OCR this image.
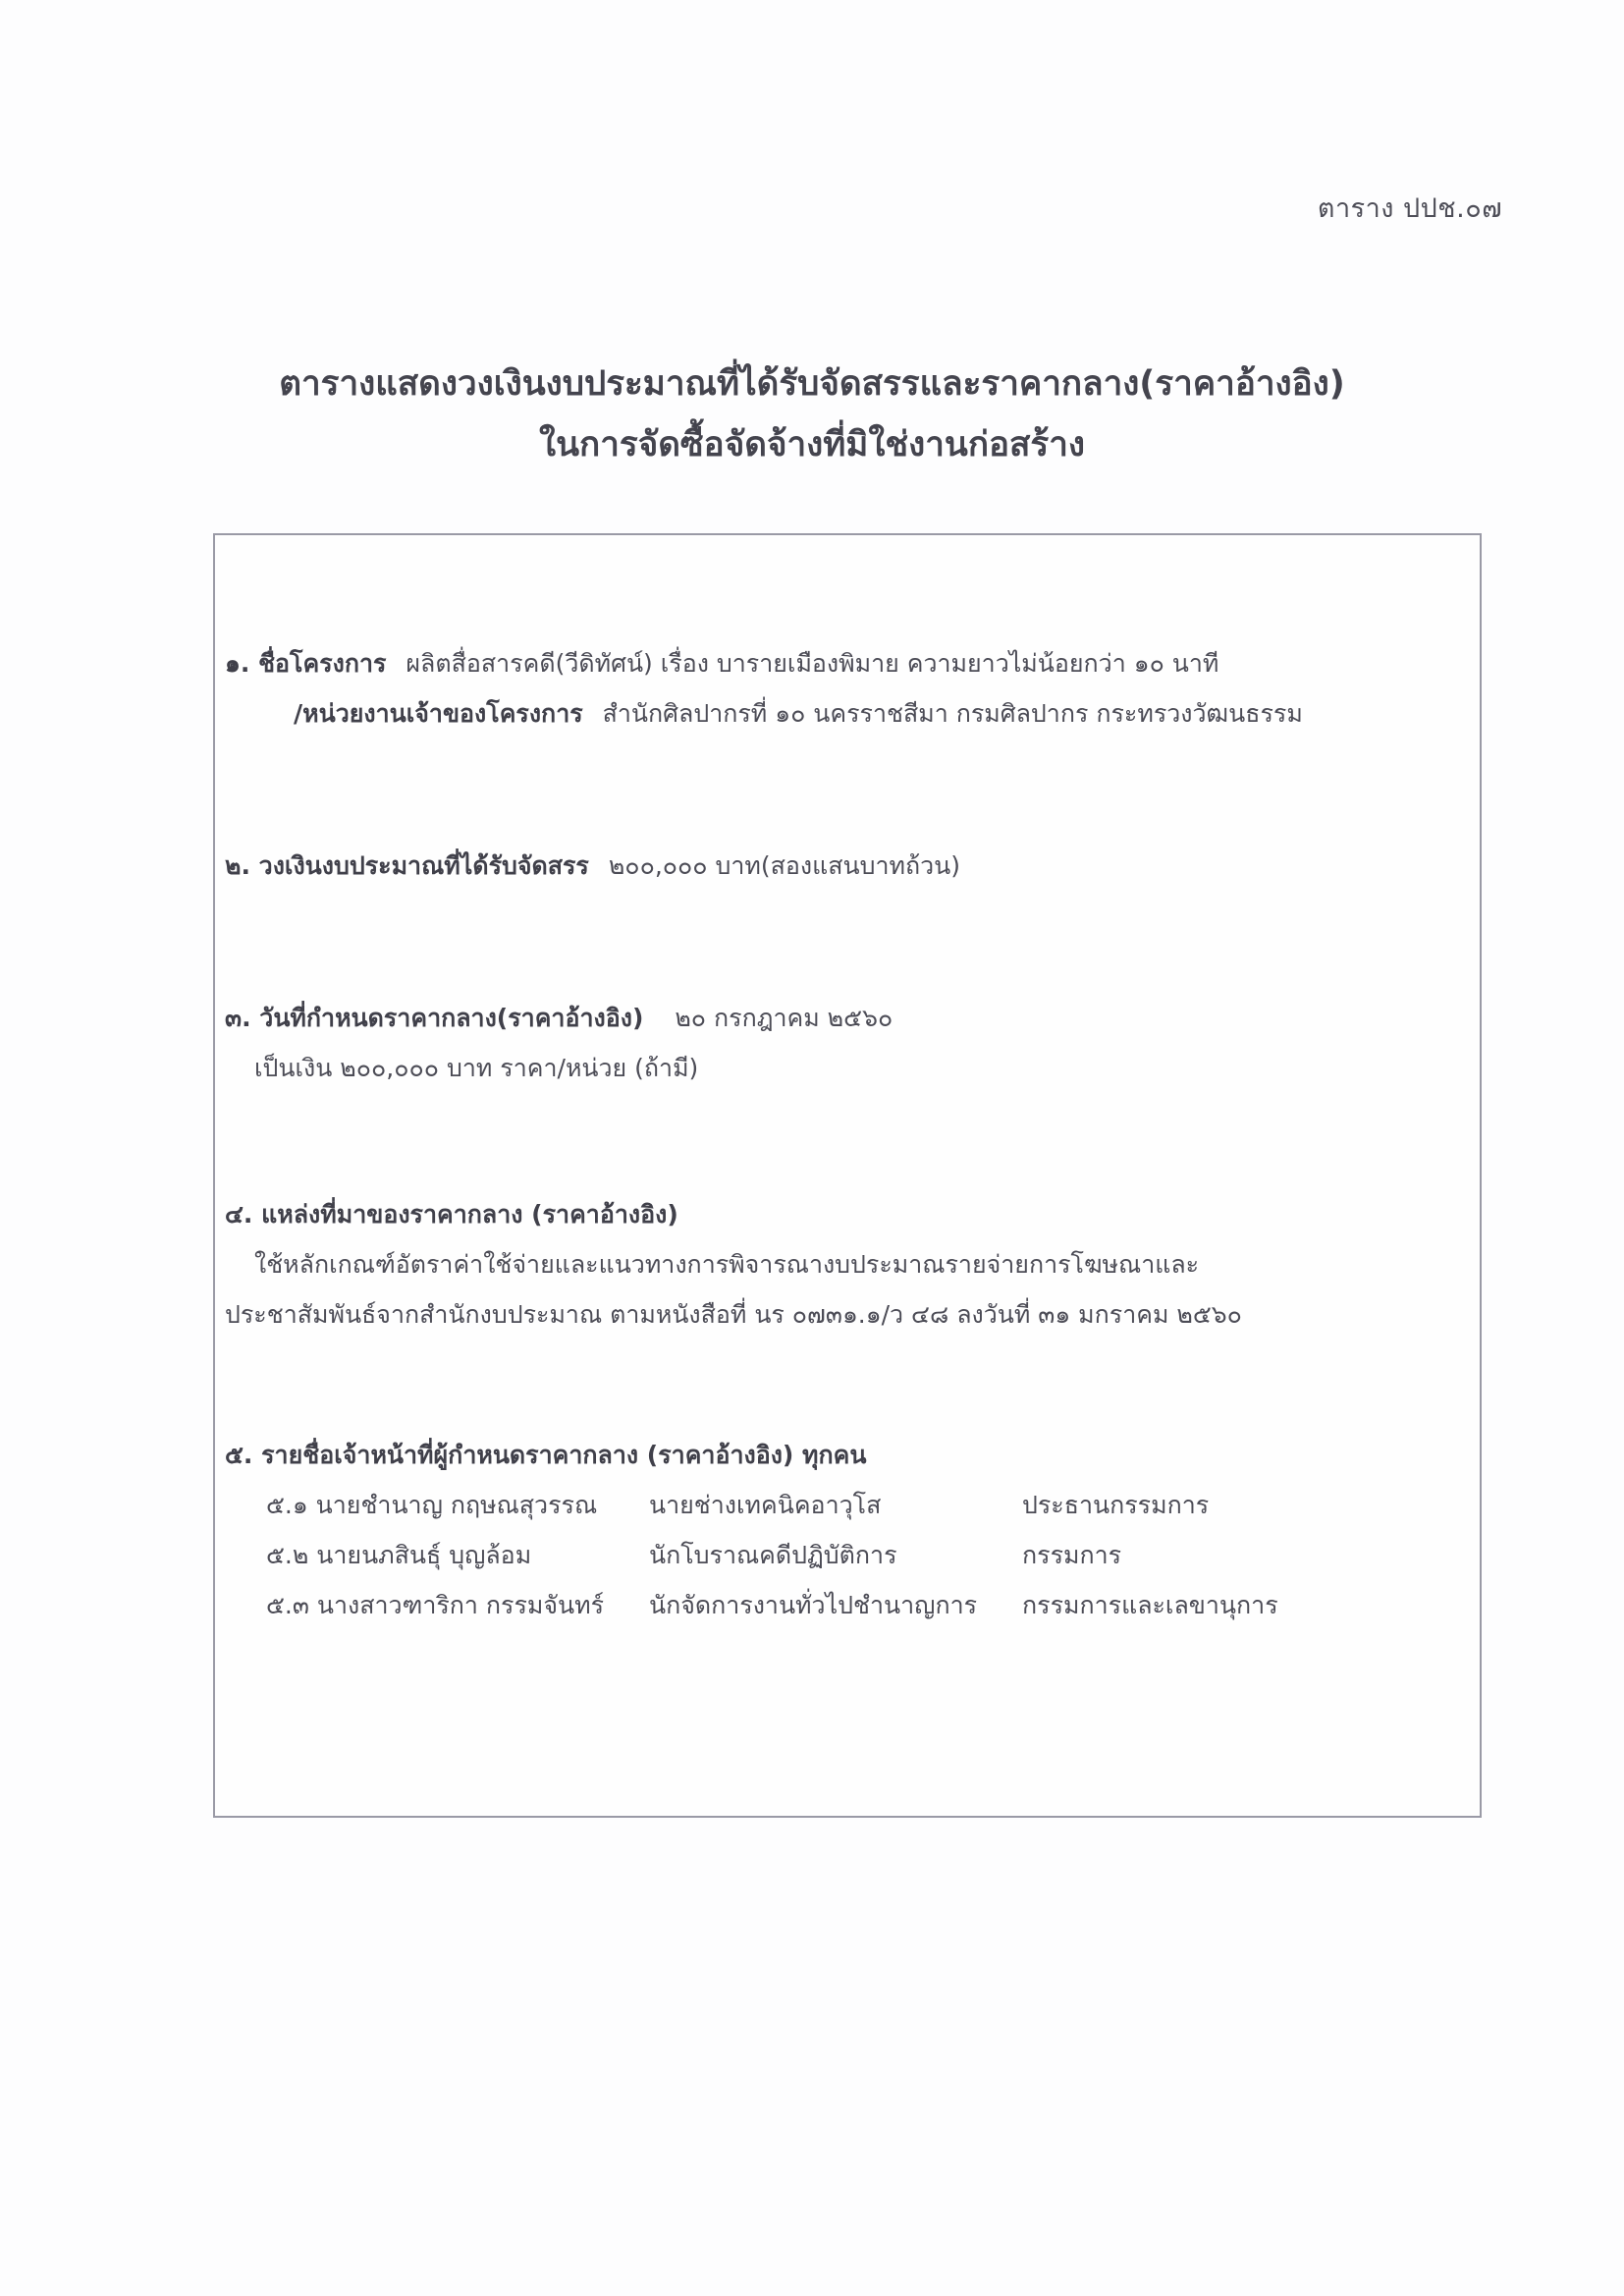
ตาราง ปปช.๐๗
ตารางแสดงวงเงินงบประมาณที่ได้รับจัดสรรและราคากลาง(ราคาอ้างอิง)
ในการจัดซื้อจัดจ้างที่มิใช่งานก่อสร้าง
๑. ชื่อโครงการ ผลิตสื่อสารคดี(วีดิทัศน์) เรื่อง บารายเมืองพิมาย ความยาวไม่น้อยกว่า ๑๐ นาที
/หน่วยงานเจ้าของโครงการ สำนักศิลปากรที่ ๑๐ นครราชสีมา กรมศิลปากร กระทรวงวัฒนธรรม
๒. วงเงินงบประมาณที่ได้รับจัดสรร ๒๐๐,๐๐๐ บาท(สองแสนบาทถ้วน)
๓. วันที่กำหนดราคากลาง(ราคาอ้างอิง) ๒๐ กรกฎาคม ๒๕๖๐
เป็นเงิน ๒๐๐,๐๐๐ บาท ราคา/หน่วย (ถ้ามี)
๔. แหล่งที่มาของราคากลาง (ราคาอ้างอิง)
ใช้หลักเกณฑ์อัตราค่าใช้จ่ายและแนวทางการพิจารณางบประมาณรายจ่ายการโฆษณาและ
ประชาสัมพันธ์จากสำนักงบประมาณ ตามหนังสือที่ นร ๐๗๓๑.๑/ว ๔๘ ลงวันที่ ๓๑ มกราคม ๒๕๖๐
๕. รายชื่อเจ้าหน้าที่ผู้กำหนดราคากลาง (ราคาอ้างอิง) ทุกคน
๕.๑ นายชำนาญ กฤษณสุวรรณ	นายช่างเทคนิคอาวุโส	ประธานกรรมการ
๕.๒ นายนภสินธุ์ บุญล้อม	นักโบราณคดีปฏิบัติการ	กรรมการ
๕.๓ นางสาวฑาริกา กรรมจันทร์	นักจัดการงานทั่วไปชำนาญการ	กรรมการและเลขานุการ
